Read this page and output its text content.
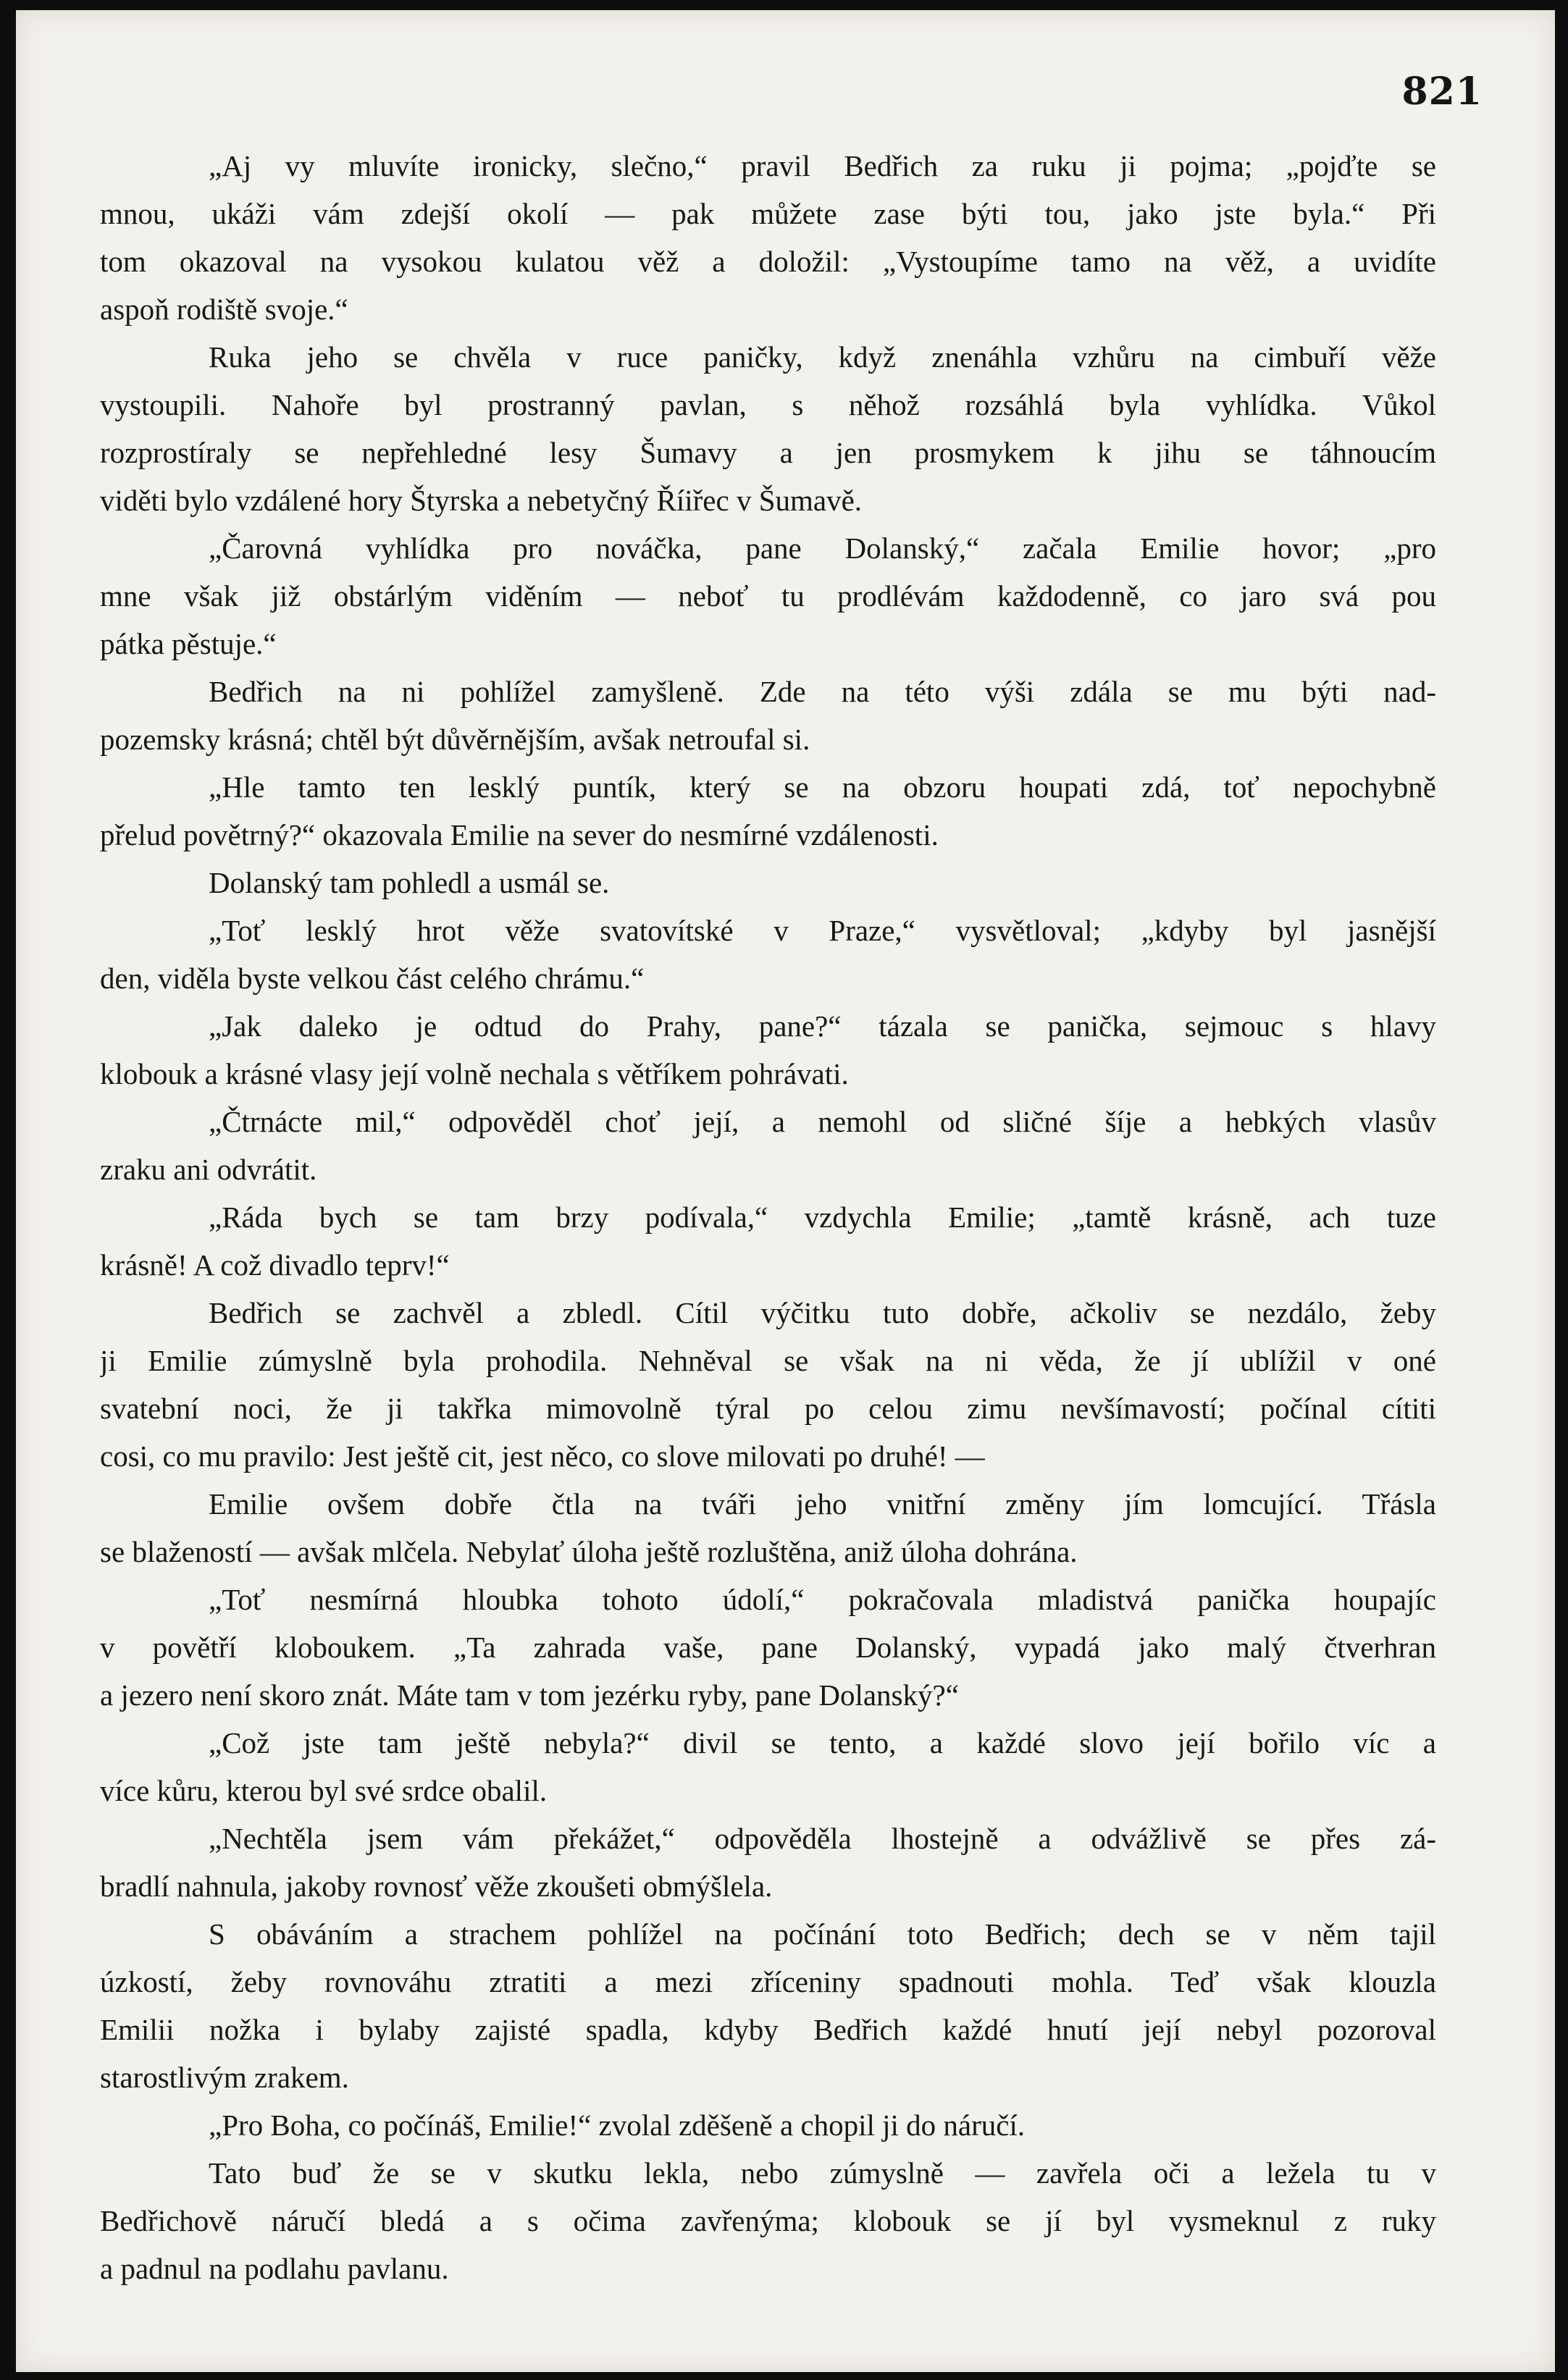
821
„Aj vy mluvíte ironicky, slečno,“ pravil Bedřich za ruku ji pojma; „pojďte se
mnou, ukáži vám zdejší okolí — pak můžete zase býti tou, jako jste byla.“ Při
tom okazoval na vysokou kulatou věž a doložil: „Vystoupíme tamo na věž, a uvidíte
aspoň rodiště svoje.“
Ruka jeho se chvěla v ruce paničky, když znenáhla vzhůru na cimbuří věže
vystoupili. Nahoře byl prostranný pavlan, s něhož rozsáhlá byla vyhlídka. Vůkol
rozprostíraly se nepřehledné lesy Šumavy a jen prosmykem k jihu se táhnoucím
viděti bylo vzdálené hory Štyrska a nebetyčný Říiřec v Šumavě.
„Čarovná vyhlídka pro nováčka, pane Dolanský,“ začala Emilie hovor; „pro
mne však již obstárlým viděním — neboť tu prodlévám každodenně, co jaro svá pou
pátka pěstuje.“
Bedřich na ni pohlížel zamyšleně. Zde na této výši zdála se mu býti nad-
pozemsky krásná; chtěl být důvěrnějším, avšak netroufal si.
„Hle tamto ten lesklý puntík, který se na obzoru houpati zdá, toť nepochybně
přelud povětrný?“ okazovala Emilie na sever do nesmírné vzdálenosti.
Dolanský tam pohledl a usmál se.
„Toť lesklý hrot věže svatovítské v Praze,“ vysvětloval; „kdyby byl jasnější
den, viděla byste velkou část celého chrámu.“
„Jak daleko je odtud do Prahy, pane?“ tázala se panička, sejmouc s hlavy
klobouk a krásné vlasy její volně nechala s větříkem pohrávati.
„Čtrnácte mil,“ odpověděl choť její, a nemohl od sličné šíje a hebkých vlasův
zraku ani odvrátit.
„Ráda bych se tam brzy podívala,“ vzdychla Emilie; „tamtě krásně, ach tuze
krásně! A což divadlo teprv!“
Bedřich se zachvěl a zbledl. Cítil výčitku tuto dobře, ačkoliv se nezdálo, žeby
ji Emilie zúmyslně byla prohodila. Nehněval se však na ni věda, že jí ublížil v oné
svatební noci, že ji takřka mimovolně týral po celou zimu nevšímavostí; počínal cítiti
cosi, co mu pravilo: Jest ještě cit, jest něco, co slove milovati po druhé! —
Emilie ovšem dobře čtla na tváři jeho vnitřní změny jím lomcující. Třásla
se blažeností — avšak mlčela. Nebylať úloha ještě rozluštěna, aniž úloha dohrána.
„Toť nesmírná hloubka tohoto údolí,“ pokračovala mladistvá panička houpajíc
v povětří kloboukem. „Ta zahrada vaše, pane Dolanský, vypadá jako malý čtverhran
a jezero není skoro znát. Máte tam v tom jezérku ryby, pane Dolanský?“
„Což jste tam ještě nebyla?“ divil se tento, a každé slovo její bořilo víc a
více kůru, kterou byl své srdce obalil.
„Nechtěla jsem vám překážet,“ odpověděla lhostejně a odvážlivě se přes zá-
bradlí nahnula, jakoby rovnosť věže zkoušeti obmýšlela.
S obáváním a strachem pohlížel na počínání toto Bedřich; dech se v něm tajil
úzkostí, žeby rovnováhu ztratiti a mezi zříceniny spadnouti mohla. Teď však klouzla
Emilii nožka i bylaby zajisté spadla, kdyby Bedřich každé hnutí její nebyl pozoroval
starostlivým zrakem.
„Pro Boha, co počínáš, Emilie!“ zvolal zděšeně a chopil ji do náručí.
Tato buď že se v skutku lekla, nebo zúmyslně — zavřela oči a ležela tu v
Bedřichově náručí bledá a s očima zavřenýma; klobouk se jí byl vysmeknul z ruky
a padnul na podlahu pavlanu.
